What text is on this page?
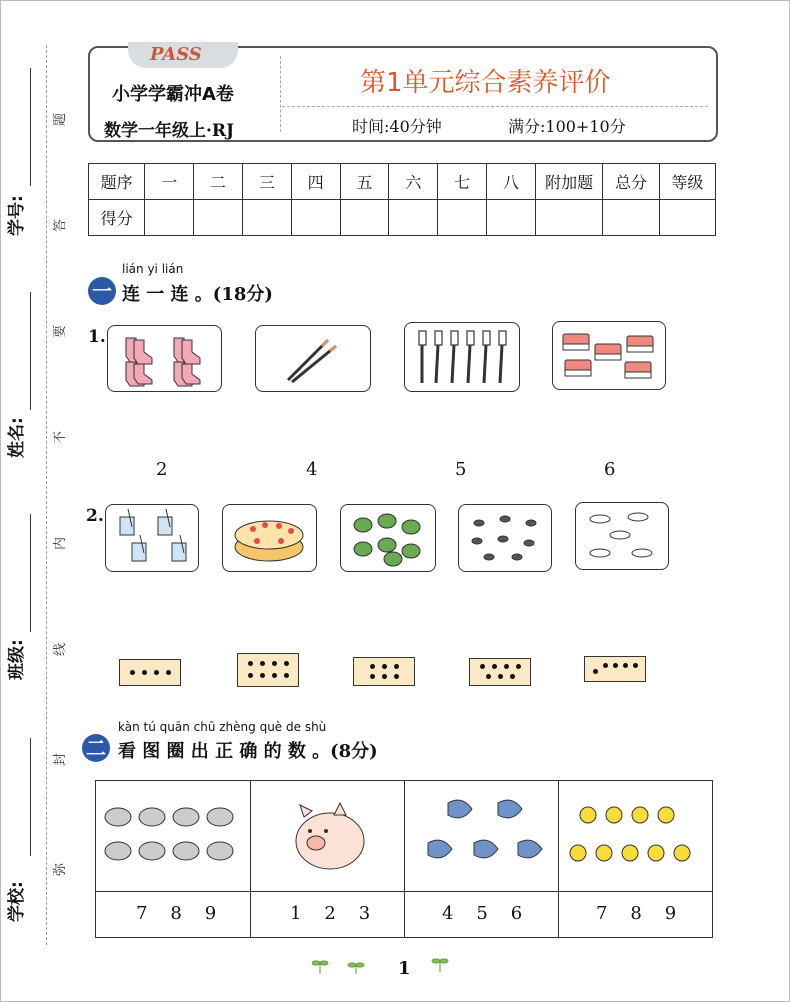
学号:
姓名:
班级:
学校:
题
答
要
不
内
线
封
弥
小学学霸冲A卷
数学一年级上·RJ
第1单元综合素养评价
时间:40分钟	满分:100+10分
PASS
题序	一	二	三	四	五	六	七	八	附加题	总分	等级
得分											
lián yi lián
一 连 一 连 。(18分)
1.
2	4	5	6
2.
kàn tú quān chū zhèng què de shù
二 看 图 圈 出 正 确 的 数 。(8分)
7 8 9	1 2 3	4 5 6	7 8 9
1
